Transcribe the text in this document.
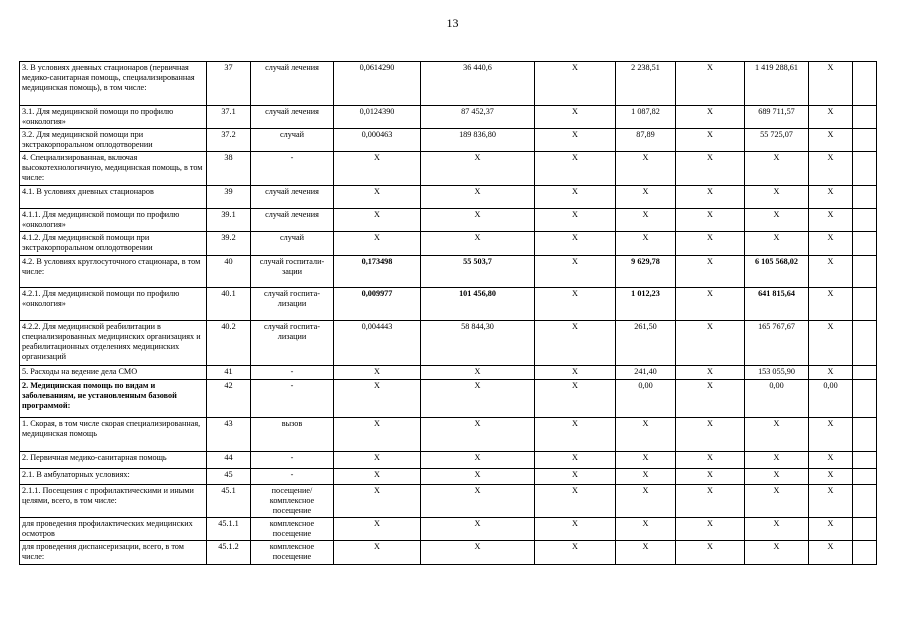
13
3. В условиях дневных стационаров (первичная медико-санитарная помощь, специализированная медицинская помощь), в том числе:	37	случай лечения	0,0614290	36 440,6	X	2 238,51	X	1 419 288,61	X	
3.1. Для медицинской помощи по профилю «онкология»	37.1	случай лечения	0,0124390	87 452,37	X	1 087,82	X	689 711,57	X	
3.2. Для медицинской помощи при экстракорпоральном оплодотворении	37.2	случай	0,000463	189 836,80	X	87,89	X	55 725,07	X	
4. Специализированная, включая высокотехнологичную, медицинская помощь, в том числе:	38	-	X	X	X	X	X	X	X	
4.1. В условиях дневных стационаров	39	случай лечения	X	X	X	X	X	X	X	
4.1.1. Для медицинской помощи по профилю «онкология»	39.1	случай лечения	X	X	X	X	X	X	X	
4.1.2. Для медицинской помощи при экстракорпоральном оплодотворении	39.2	случай	X	X	X	X	X	X	X	
4.2. В условиях круглосуточного стационара, в том числе:	40	случай госпитали-зации	0,173498	55 503,7	X	9 629,78	X	6 105 568,02	X	
4.2.1. Для медицинской помощи по профилю «онкология»	40.1	случай госпита-лизации	0,009977	101 456,80	X	1 012,23	X	641 815,64	X	
4.2.2. Для медицинской реабилитации в специализированных медицинских организациях и реабилитационных отделениях медицинских организаций	40.2	случай госпита-лизации	0,004443	58 844,30	X	261,50	X	165 767,67	X	
5. Расходы на ведение дела СМО	41	-	X	X	X	241,40	X	153 055,90	X	
2. Медицинская помощь по видам и заболеваниям, не установленным базовой программой:	42	-	X	X	X	0,00	X	0,00	0,00	
1. Скорая, в том числе скорая специализированная, медицинская помощь	43	вызов	X	X	X	X	X	X	X	
2. Первичная медико-санитарная помощь	44	-	X	X	X	X	X	X	X	
2.1. В амбулаторных условиях:	45	-	X	X	X	X	X	X	X	
2.1.1. Посещения с профилактическими и иными целями, всего, в том числе:	45.1	посещение/ комплексное посещение	X	X	X	X	X	X	X	
для проведения профилактических медицинских осмотров	45.1.1	комплексное посещение	X	X	X	X	X	X	X	
для проведения диспансеризации, всего, в том числе:	45.1.2	комплексное посещение	X	X	X	X	X	X	X	
